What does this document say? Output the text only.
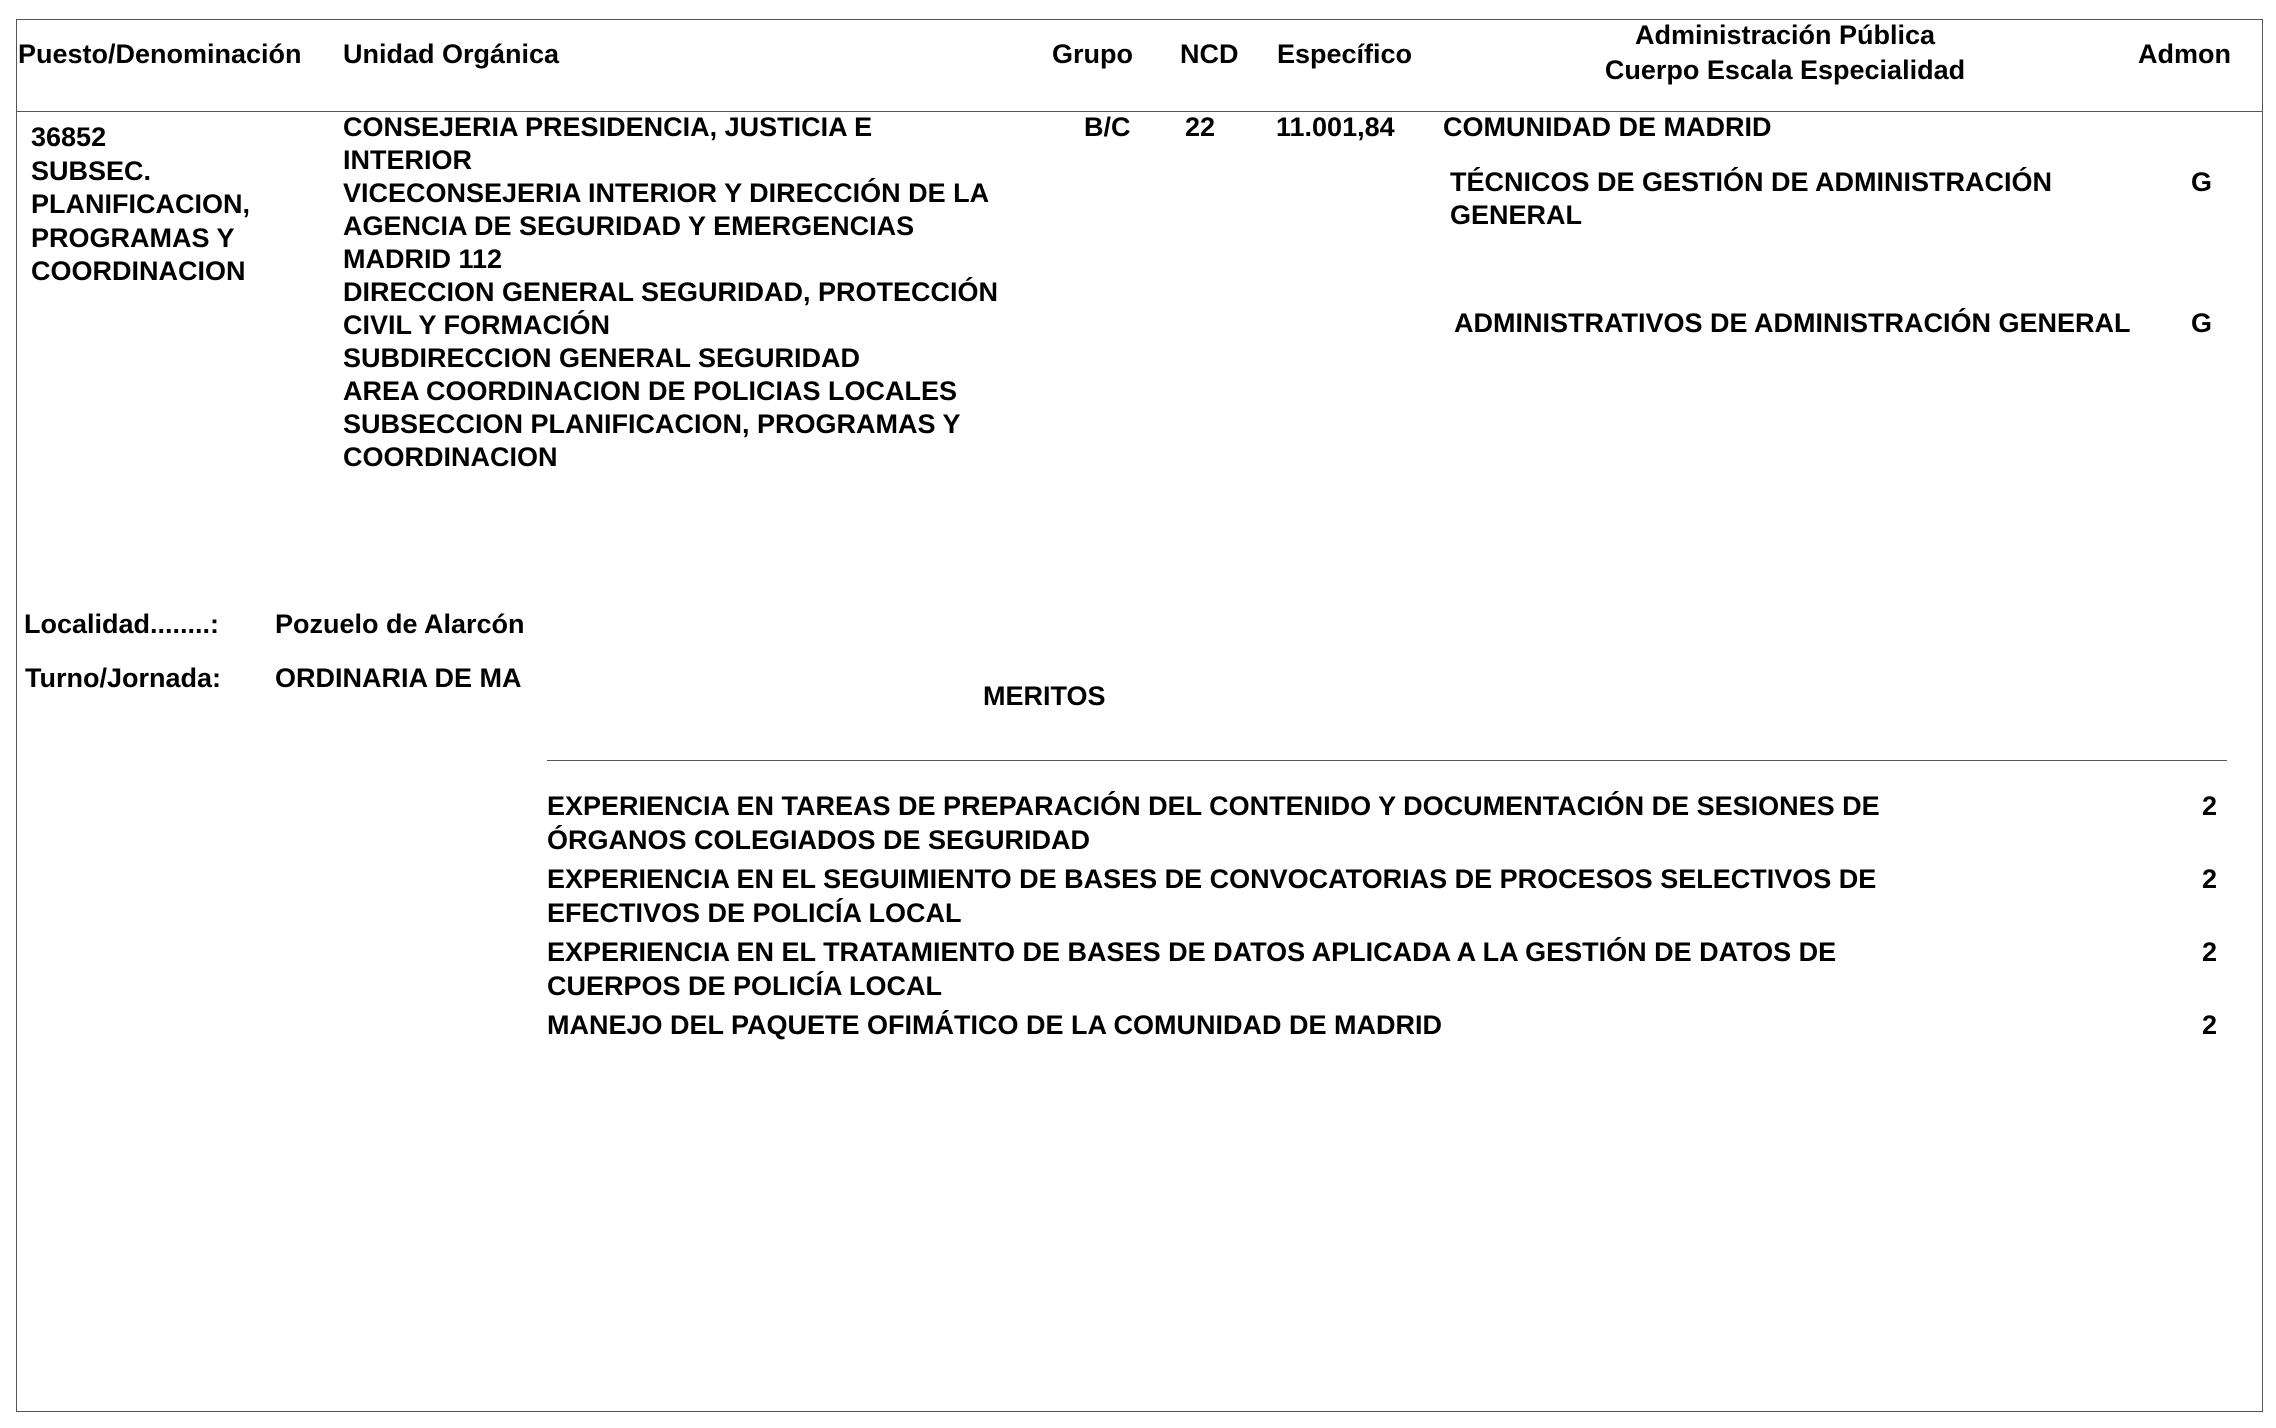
Puesto/Denominación Unidad Orgánica	Grupo NCD Específico
Administración Pública
Cuerpo Escala Especialidad
Admon
36852
SUBSEC.
PLANIFICACION,
PROGRAMAS Y
COORDINACION
CONSEJERIA PRESIDENCIA, JUSTICIA E
INTERIOR
VICECONSEJERIA INTERIOR Y DIRECCIÓN DE LA
AGENCIA DE SEGURIDAD Y EMERGENCIAS
MADRID 112
DIRECCION GENERAL SEGURIDAD, PROTECCIÓN
CIVIL Y FORMACIÓN
SUBDIRECCION GENERAL SEGURIDAD
AREA COORDINACION DE POLICIAS LOCALES
SUBSECCION PLANIFICACION, PROGRAMAS Y
COORDINACION
B/C 22 11.001,84 COMUNIDAD DE MADRID
TÉCNICOS DE GESTIÓN DE ADMINISTRACIÓN
GENERAL
G
ADMINISTRATIVOS DE ADMINISTRACIÓN GENERAL G
Localidad........: Pozuelo de Alarcón
Turno/Jornada: ORDINARIA DE MA
MERITOS
EXPERIENCIA EN TAREAS DE PREPARACIÓN DEL CONTENIDO Y DOCUMENTACIÓN DE SESIONES DE
ÓRGANOS COLEGIADOS DE SEGURIDAD
2
EXPERIENCIA EN EL SEGUIMIENTO DE BASES DE CONVOCATORIAS DE PROCESOS SELECTIVOS DE
EFECTIVOS DE POLICÍA LOCAL
2
EXPERIENCIA EN EL TRATAMIENTO DE BASES DE DATOS APLICADA A LA GESTIÓN DE DATOS DE
CUERPOS DE POLICÍA LOCAL
2
MANEJO DEL PAQUETE OFIMÁTICO DE LA COMUNIDAD DE MADRID	2
